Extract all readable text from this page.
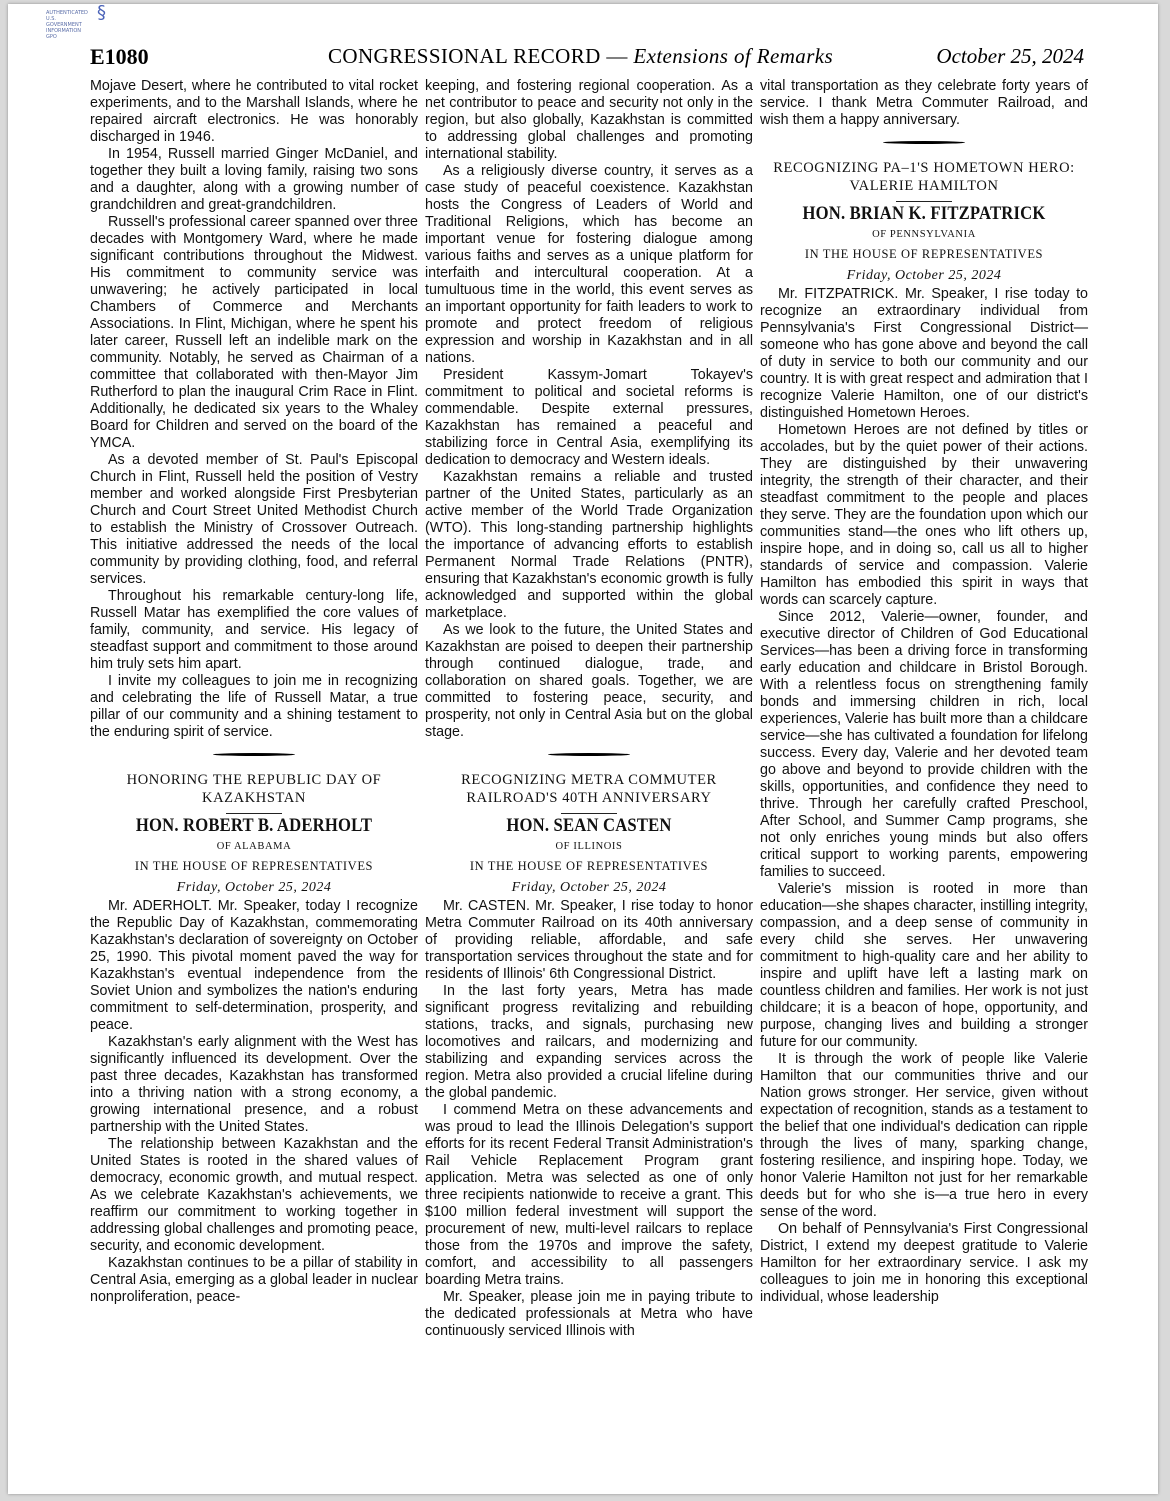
§
AUTHENTICATED U.S. GOVERNMENT INFORMATION GPO
E1080	CONGRESSIONAL RECORD — Extensions of Remarks	October 25, 2024

Mojave Desert, where he contributed to vital rocket experiments, and to the Marshall Islands, where he repaired aircraft electronics. He was honorably discharged in 1946.

In 1954, Russell married Ginger McDaniel, and together they built a loving family, raising two sons and a daughter, along with a growing number of grandchildren and great-grandchildren.

Russell's professional career spanned over three decades with Montgomery Ward, where he made significant contributions throughout the Midwest. His commitment to community service was unwavering; he actively participated in local Chambers of Commerce and Merchants Associations. In Flint, Michigan, where he spent his later career, Russell left an indelible mark on the community. Notably, he served as Chairman of a committee that collaborated with then-Mayor Jim Rutherford to plan the inaugural Crim Race in Flint. Additionally, he dedicated six years to the Whaley Board for Children and served on the board of the YMCA.

As a devoted member of St. Paul's Episcopal Church in Flint, Russell held the position of Vestry member and worked alongside First Presbyterian Church and Court Street United Methodist Church to establish the Ministry of Crossover Outreach. This initiative addressed the needs of the local community by providing clothing, food, and referral services.

Throughout his remarkable century-long life, Russell Matar has exemplified the core values of family, community, and service. His legacy of steadfast support and commitment to those around him truly sets him apart.

I invite my colleagues to join me in recognizing and celebrating the life of Russell Matar, a true pillar of our community and a shining testament to the enduring spirit of service.

HONORING THE REPUBLIC DAY OF KAZAKHSTAN
HON. ROBERT B. ADERHOLT
OF ALABAMA
IN THE HOUSE OF REPRESENTATIVES
Friday, October 25, 2024

Mr. ADERHOLT. Mr. Speaker, today I recognize the Republic Day of Kazakhstan, commemorating Kazakhstan's declaration of sovereignty on October 25, 1990. This pivotal moment paved the way for Kazakhstan's eventual independence from the Soviet Union and symbolizes the nation's enduring commitment to self-determination, prosperity, and peace.

Kazakhstan's early alignment with the West has significantly influenced its development. Over the past three decades, Kazakhstan has transformed into a thriving nation with a strong economy, a growing international presence, and a robust partnership with the United States.

The relationship between Kazakhstan and the United States is rooted in the shared values of democracy, economic growth, and mutual respect. As we celebrate Kazakhstan's achievements, we reaffirm our commitment to working together in addressing global challenges and promoting peace, security, and economic development.

Kazakhstan continues to be a pillar of stability in Central Asia, emerging as a global leader in nuclear nonproliferation, peace-

keeping, and fostering regional cooperation. As a net contributor to peace and security not only in the region, but also globally, Kazakhstan is committed to addressing global challenges and promoting international stability.

As a religiously diverse country, it serves as a case study of peaceful coexistence. Kazakhstan hosts the Congress of Leaders of World and Traditional Religions, which has become an important venue for fostering dialogue among various faiths and serves as a unique platform for interfaith and intercultural cooperation. At a tumultuous time in the world, this event serves as an important opportunity for faith leaders to work to promote and protect freedom of religious expression and worship in Kazakhstan and in all nations.

President Kassym-Jomart Tokayev's commitment to political and societal reforms is commendable. Despite external pressures, Kazakhstan has remained a peaceful and stabilizing force in Central Asia, exemplifying its dedication to democracy and Western ideals.

Kazakhstan remains a reliable and trusted partner of the United States, particularly as an active member of the World Trade Organization (WTO). This long-standing partnership highlights the importance of advancing efforts to establish Permanent Normal Trade Relations (PNTR), ensuring that Kazakhstan's economic growth is fully acknowledged and supported within the global marketplace.

As we look to the future, the United States and Kazakhstan are poised to deepen their partnership through continued dialogue, trade, and collaboration on shared goals. Together, we are committed to fostering peace, security, and prosperity, not only in Central Asia but on the global stage.

RECOGNIZING METRA COMMUTER RAILROAD'S 40TH ANNIVERSARY
HON. SEAN CASTEN
OF ILLINOIS
IN THE HOUSE OF REPRESENTATIVES
Friday, October 25, 2024

Mr. CASTEN. Mr. Speaker, I rise today to honor Metra Commuter Railroad on its 40th anniversary of providing reliable, affordable, and safe transportation services throughout the state and for residents of Illinois' 6th Congressional District.

In the last forty years, Metra has made significant progress revitalizing and rebuilding stations, tracks, and signals, purchasing new locomotives and railcars, and modernizing and stabilizing and expanding services across the region. Metra also provided a crucial lifeline during the global pandemic.

I commend Metra on these advancements and was proud to lead the Illinois Delegation's support efforts for its recent Federal Transit Administration's Rail Vehicle Replacement Program grant application. Metra was selected as one of only three recipients nationwide to receive a grant. This $100 million federal investment will support the procurement of new, multi-level railcars to replace those from the 1970s and improve the safety, comfort, and accessibility to all passengers boarding Metra trains.

Mr. Speaker, please join me in paying tribute to the dedicated professionals at Metra who have continuously serviced Illinois with

vital transportation as they celebrate forty years of service. I thank Metra Commuter Railroad, and wish them a happy anniversary.

RECOGNIZING PA–1'S HOMETOWN HERO: VALERIE HAMILTON
HON. BRIAN K. FITZPATRICK
OF PENNSYLVANIA
IN THE HOUSE OF REPRESENTATIVES
Friday, October 25, 2024

Mr. FITZPATRICK. Mr. Speaker, I rise today to recognize an extraordinary individual from Pennsylvania's First Congressional District—someone who has gone above and beyond the call of duty in service to both our community and our country. It is with great respect and admiration that I recognize Valerie Hamilton, one of our district's distinguished Hometown Heroes.

Hometown Heroes are not defined by titles or accolades, but by the quiet power of their actions. They are distinguished by their unwavering integrity, the strength of their character, and their steadfast commitment to the people and places they serve. They are the foundation upon which our communities stand—the ones who lift others up, inspire hope, and in doing so, call us all to higher standards of service and compassion. Valerie Hamilton has embodied this spirit in ways that words can scarcely capture.

Since 2012, Valerie—owner, founder, and executive director of Children of God Educational Services—has been a driving force in transforming early education and childcare in Bristol Borough. With a relentless focus on strengthening family bonds and immersing children in rich, local experiences, Valerie has built more than a childcare service—she has cultivated a foundation for lifelong success. Every day, Valerie and her devoted team go above and beyond to provide children with the skills, opportunities, and confidence they need to thrive. Through her carefully crafted Preschool, After School, and Summer Camp programs, she not only enriches young minds but also offers critical support to working parents, empowering families to succeed.

Valerie's mission is rooted in more than education—she shapes character, instilling integrity, compassion, and a deep sense of community in every child she serves. Her unwavering commitment to high-quality care and her ability to inspire and uplift have left a lasting mark on countless children and families. Her work is not just childcare; it is a beacon of hope, opportunity, and purpose, changing lives and building a stronger future for our community.

It is through the work of people like Valerie Hamilton that our communities thrive and our Nation grows stronger. Her service, given without expectation of recognition, stands as a testament to the belief that one individual's dedication can ripple through the lives of many, sparking change, fostering resilience, and inspiring hope. Today, we honor Valerie Hamilton not just for her remarkable deeds but for who she is—a true hero in every sense of the word.

On behalf of Pennsylvania's First Congressional District, I extend my deepest gratitude to Valerie Hamilton for her extraordinary service. I ask my colleagues to join me in honoring this exceptional individual, whose leadership
